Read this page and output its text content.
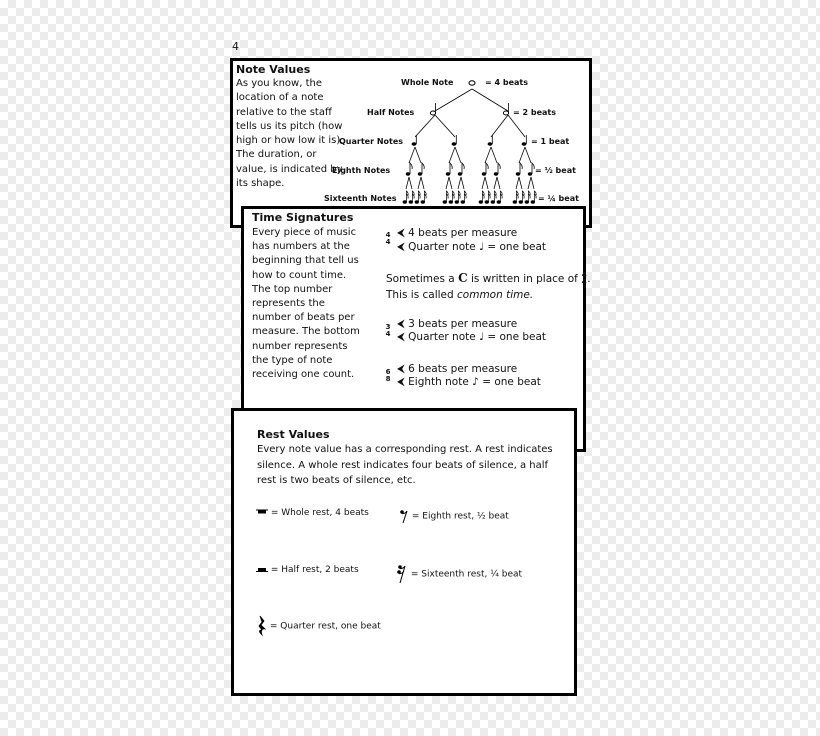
4
Note Values
As you know, the location of a note relative to the staff tells us its pitch (how high or how low it is). The duration, or value, is indicated by its shape.
Whole Note	= 4 beats
Half Notes	= 2 beats
Quarter Notes	= 1 beat
Eighth Notes	= ½ beat
Sixteenth Notes	= ¼ beat
Time Signatures
Every piece of music has numbers at the beginning that tell us how to count time. The top number represents the number of beats per measure. The bottom number represents the type of note receiving one count.
4
4
⮜ 4 beats per measure
⮜ Quarter note ♩ = one beat
Sometimes a C is written in place of 4
4.
This is called common time.
3
4
⮜ 3 beats per measure
⮜ Quarter note ♩ = one beat
6
8
⮜ 6 beats per measure
⮜ Eighth note ♪ = one beat
Rest Values
Every note value has a corresponding rest. A rest indicates silence. A whole rest indicates four beats of silence, a half rest is two beats of silence, etc.
= Whole rest, 4 beats	= Eighth rest, ½ beat
= Half rest, 2 beats	= Sixteenth rest, ¼ beat
= Quarter rest, one beat
